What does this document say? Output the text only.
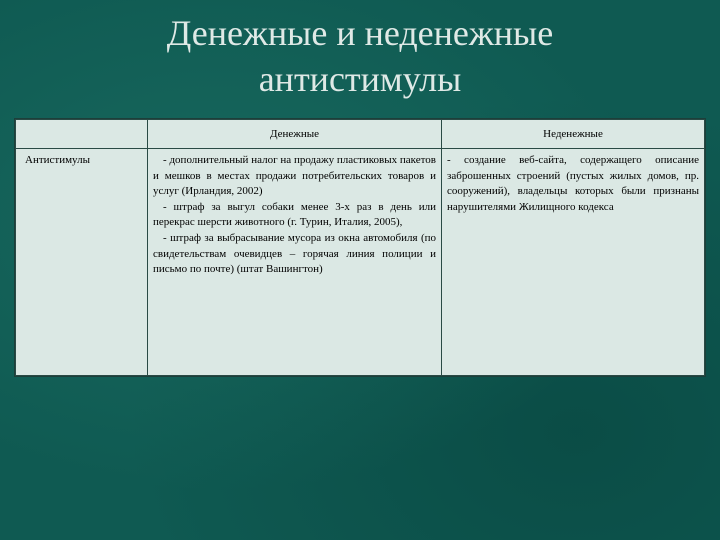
Денежные и неденежные
антистимулы
	Денежные	Неденежные

Антистимулы	- дополнительный налог на продажу пластиковых пакетов и мешков в местах продажи потребительских товаров и услуг (Ирландия, 2002)
- штраф за выгул собаки менее 3-х раз в день или перекрас шерсти животного (г. Турин, Италия, 2005),
- штраф за выбрасывание мусора из окна автомобиля (по свидетельствам очевидцев – горячая линия полиции и письмо по почте) (штат Вашингтон)	- создание веб-сайта, содержащего описание заброшенных строений (пустых жилых домов, пр. сооружений), владельцы которых были признаны нарушителями Жилищного кодекса
